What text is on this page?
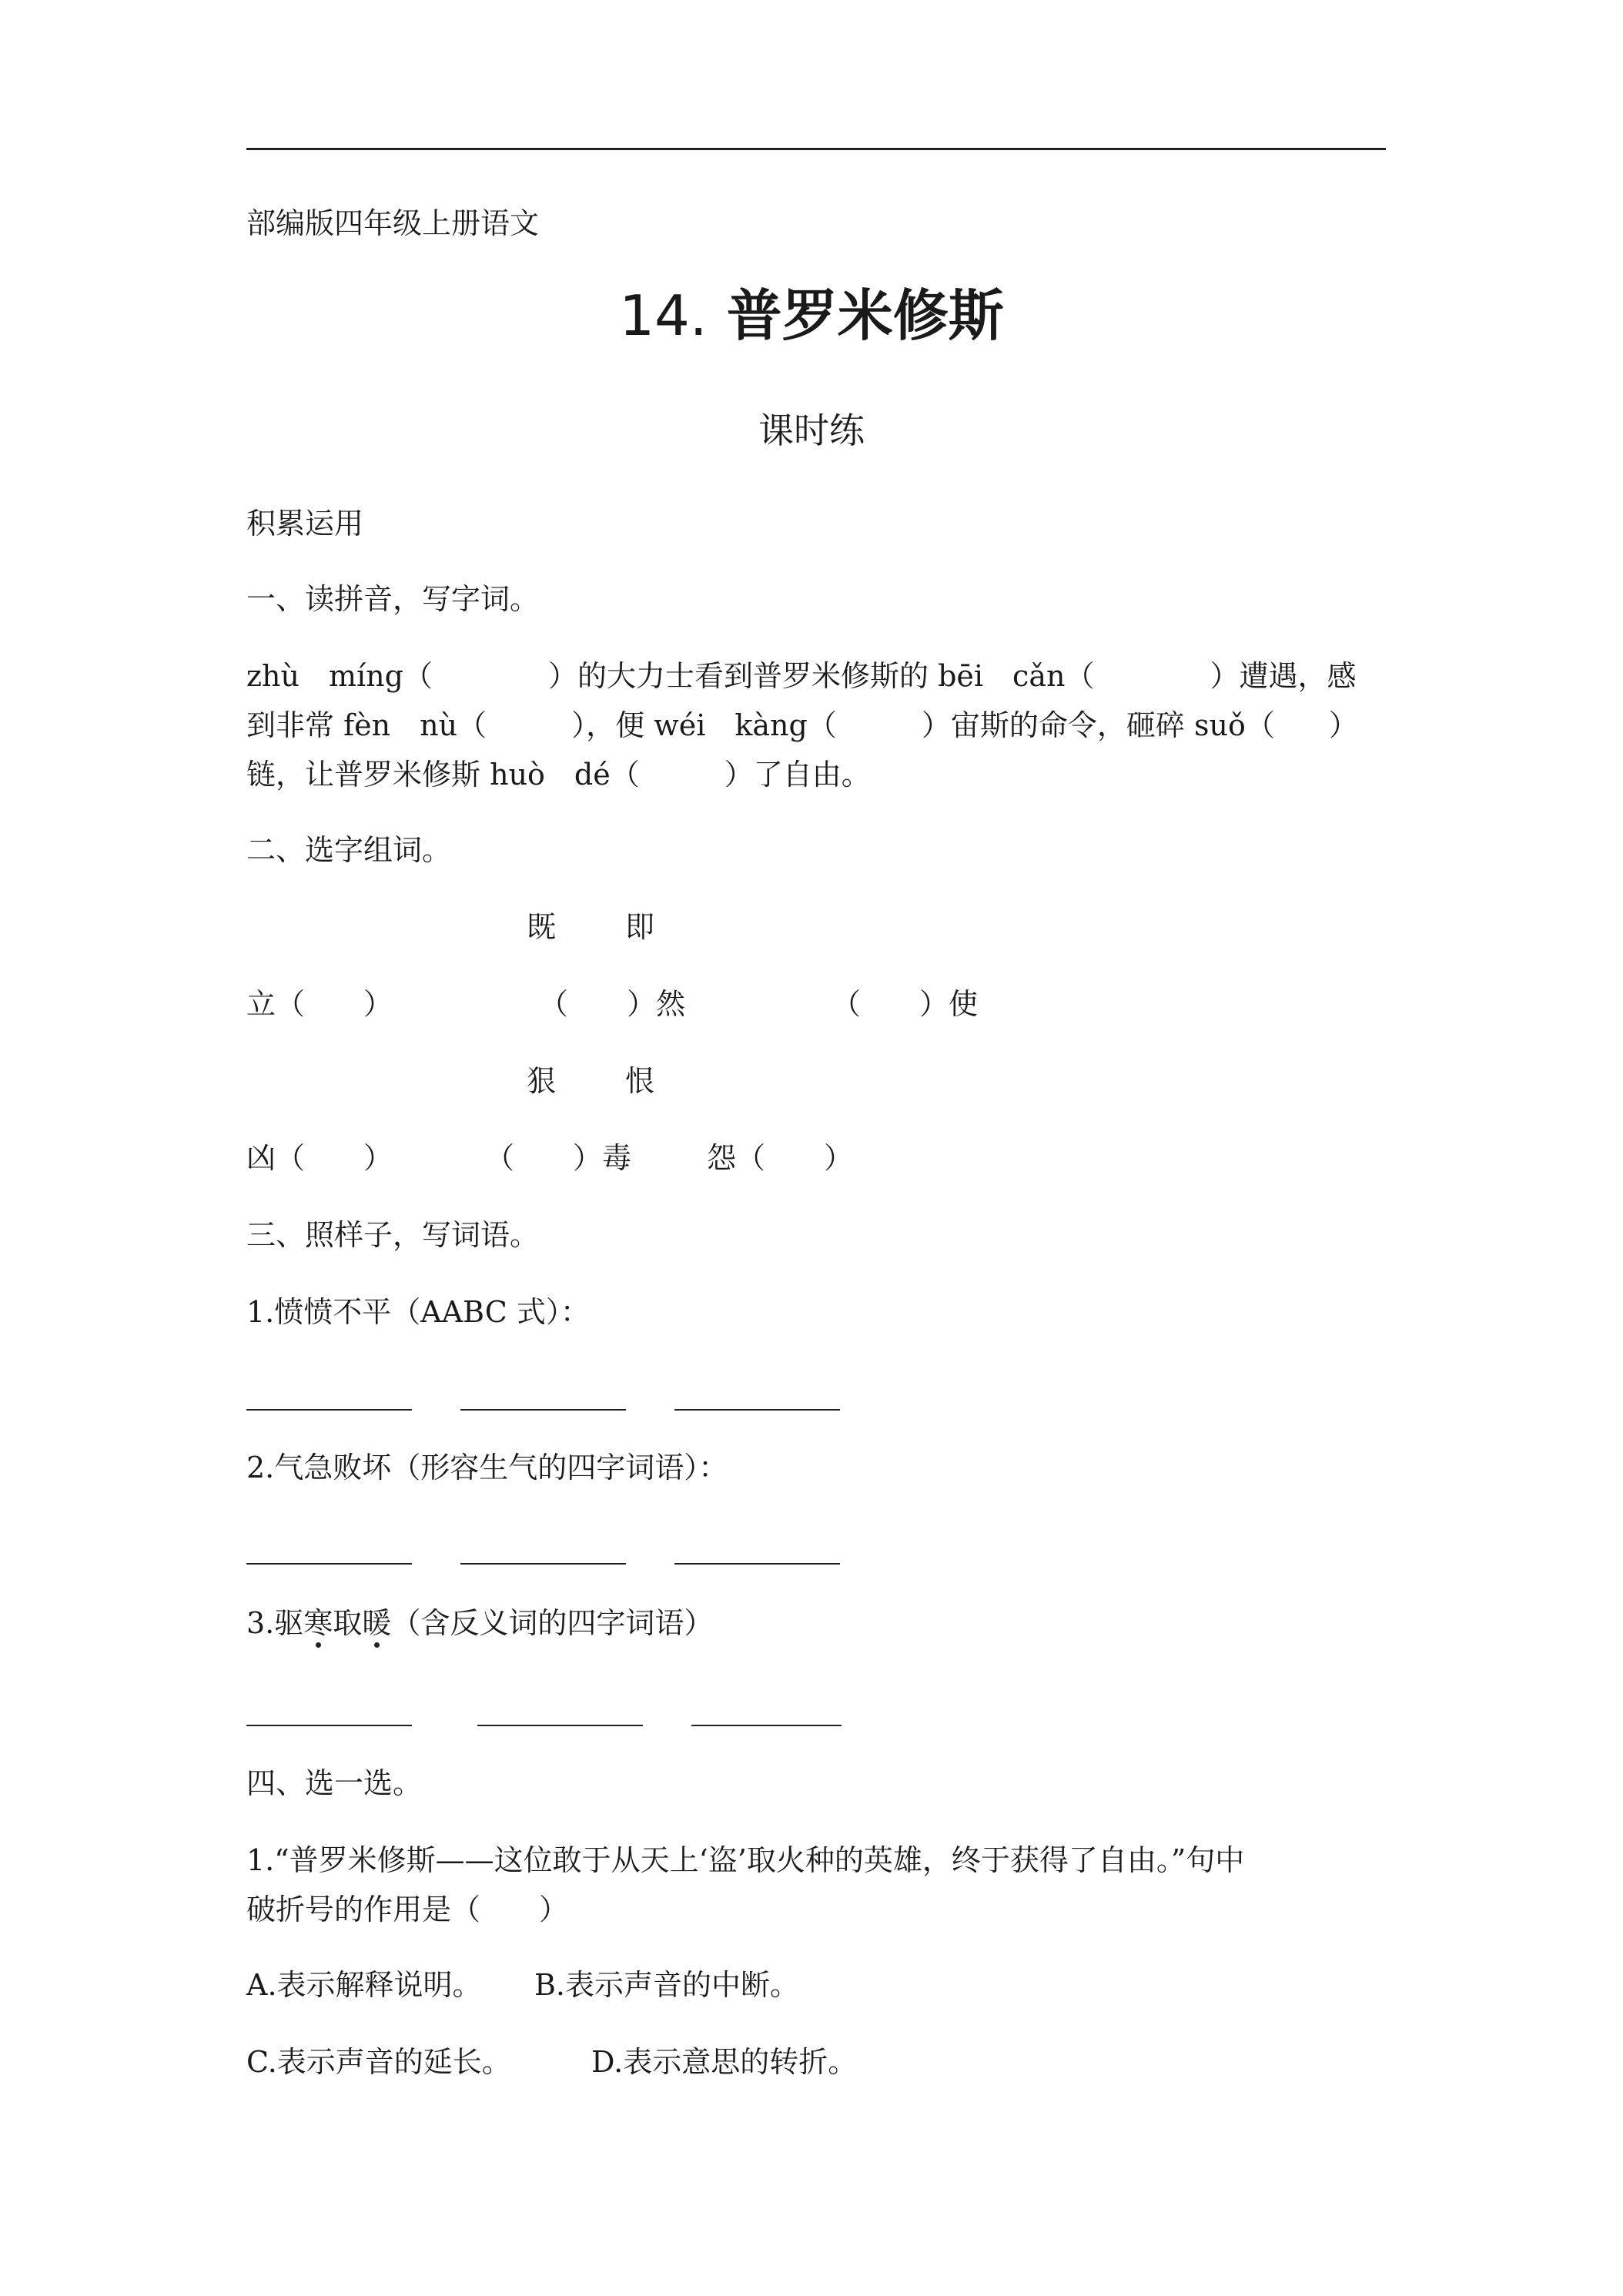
部编版四年级上册语文
14. 普罗米修斯
课时练
积累运用
一、读拼音，写字词。
zhù　míng（	）的大力士看到普罗米修斯的 bēi　cǎn（	）遭遇，感
到非常 fèn　nù（	），便 wéi　kàng（	）宙斯的命令，砸碎 suǒ（ ）
链，让普罗米修斯 huò　dé（	）了自由。
二、选字组词。
既 即
立（　　）	（　　）然	（　　）使
狠 恨
凶（　　）	（　　）毒	怨（　　）
三、照样子，写词语。
1.愤愤不平（AABC 式）：
2.气急败坏（形容生气的四字词语）：
3.驱寒取暖（含反义词的四字词语）
四、选一选。
1.“普罗米修斯——这位敢于从天上‘盗’取火种的英雄，终于获得了自由。”句中
破折号的作用是（　　）
A.表示解释说明。 B.表示声音的中断。
C.表示声音的延长。	D.表示意思的转折。
